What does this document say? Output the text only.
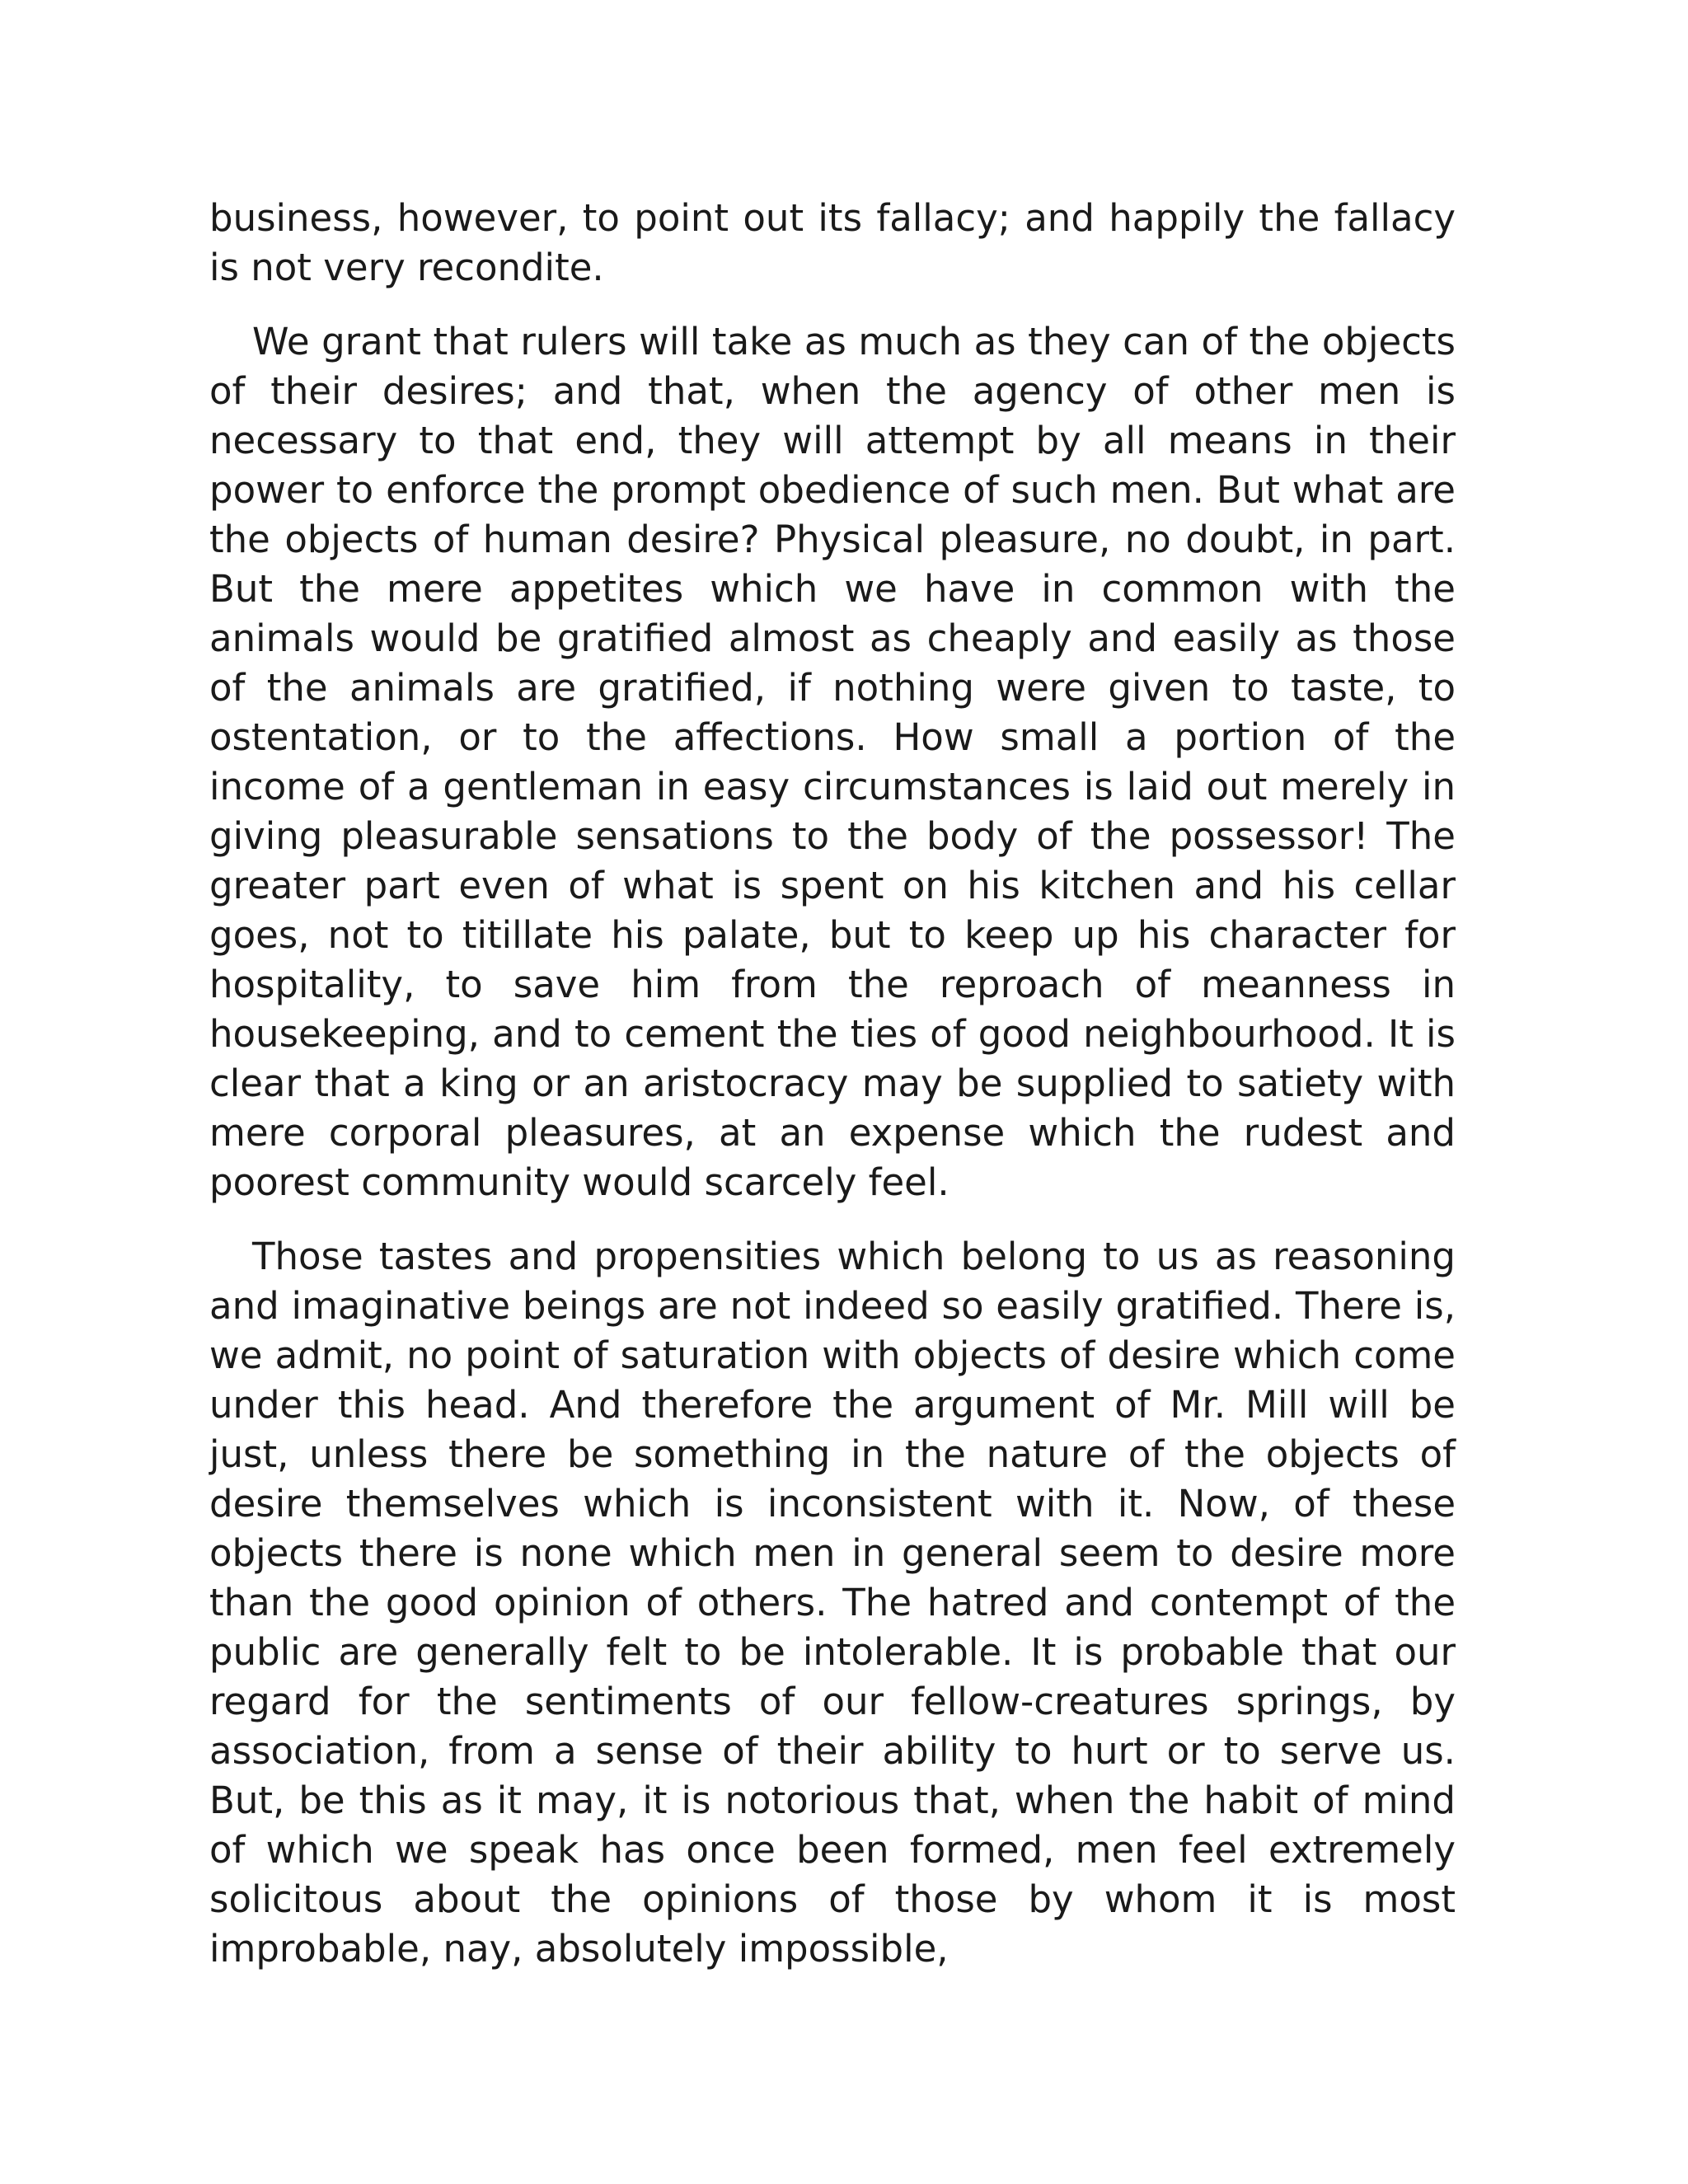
business, however, to point out its fallacy; and happily the fallacy is not very recondite.

We grant that rulers will take as much as they can of the objects of their desires; and that, when the agency of other men is necessary to that end, they will attempt by all means in their power to enforce the prompt obedience of such men. But what are the objects of human desire? Physical pleasure, no doubt, in part. But the mere appetites which we have in common with the animals would be gratified almost as cheaply and easily as those of the animals are gratified, if nothing were given to taste, to ostentation, or to the affections. How small a portion of the income of a gentleman in easy circumstances is laid out merely in giving pleasurable sensations to the body of the possessor! The greater part even of what is spent on his kitchen and his cellar goes, not to titillate his palate, but to keep up his character for hospitality, to save him from the reproach of meanness in housekeeping, and to cement the ties of good neighbourhood. It is clear that a king or an aristocracy may be supplied to satiety with mere corporal pleasures, at an expense which the rudest and poorest community would scarcely feel.

Those tastes and propensities which belong to us as reasoning and imaginative beings are not indeed so easily gratified. There is, we admit, no point of saturation with objects of desire which come under this head. And therefore the argument of Mr. Mill will be just, unless there be something in the nature of the objects of desire themselves which is inconsistent with it. Now, of these objects there is none which men in general seem to desire more than the good opinion of others. The hatred and contempt of the public are generally felt to be intolerable. It is probable that our regard for the sentiments of our fellow-creatures springs, by association, from a sense of their ability to hurt or to serve us. But, be this as it may, it is notorious that, when the habit of mind of which we speak has once been formed, men feel extremely solicitous about the opinions of those by whom it is most improbable, nay, absolutely impossible,
